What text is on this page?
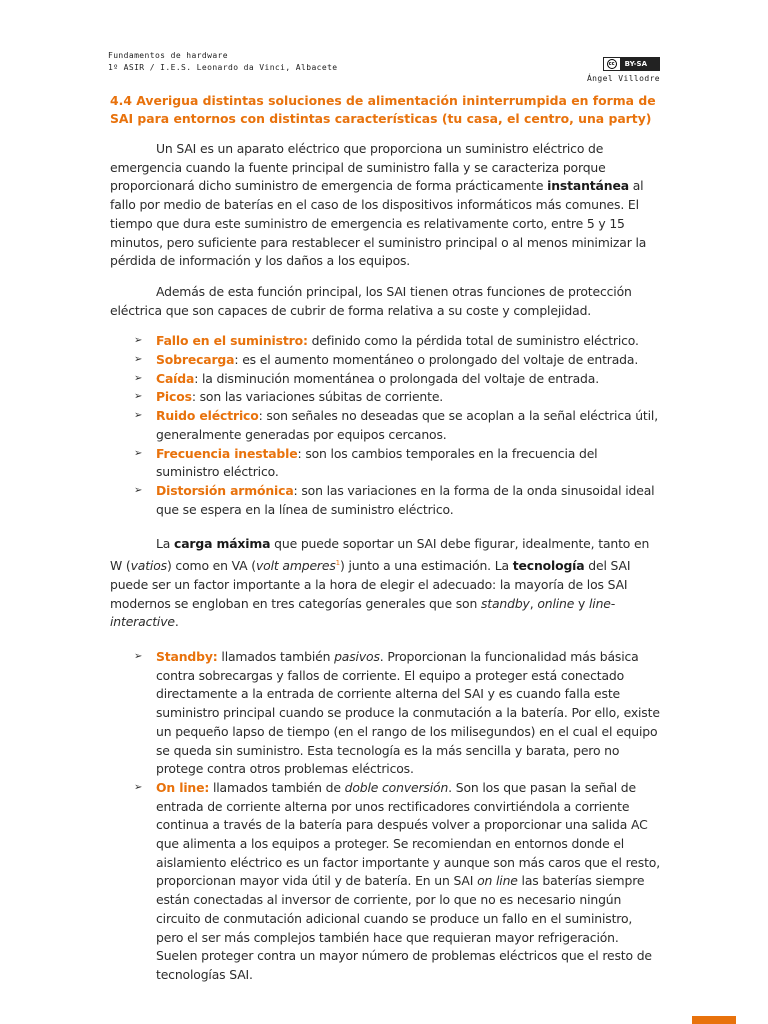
Fundamentos de hardware
1º ASIR / I.E.S. Leonardo da Vinci, Albacete	cc	BY-SA
Ángel Villodre
4.4 Averigua distintas soluciones de alimentación ininterrumpida en forma de SAI para entornos con distintas características (tu casa, el centro, una party)

Un SAI es un aparato eléctrico que proporciona un suministro eléctrico de emergencia cuando la fuente principal de suministro falla y se caracteriza porque proporcionará dicho suministro de emergencia de forma prácticamente instantánea al fallo por medio de baterías en el caso de los dispositivos informáticos más comunes. El tiempo que dura este suministro de emergencia es relativamente corto, entre 5 y 15 minutos, pero suficiente para restablecer el suministro principal o al menos minimizar la pérdida de información y los daños a los equipos.

Además de esta función principal, los SAI tienen otras funciones de protección eléctrica que son capaces de cubrir de forma relativa a su coste y complejidad.

➢ Fallo en el suministro: definido como la pérdida total de suministro eléctrico.
➢ Sobrecarga: es el aumento momentáneo o prolongado del voltaje de entrada.
➢ Caída: la disminución momentánea o prolongada del voltaje de entrada.
➢ Picos: son las variaciones súbitas de corriente.
➢ Ruido eléctrico: son señales no deseadas que se acoplan a la señal eléctrica útil, generalmente generadas por equipos cercanos.
➢ Frecuencia inestable: son los cambios temporales en la frecuencia del suministro eléctrico.
➢ Distorsión armónica: son las variaciones en la forma de la onda sinusoidal ideal que se espera en la línea de suministro eléctrico.

La carga máxima que puede soportar un SAI debe figurar, idealmente, tanto en W (vatios) como en VA (volt amperes$^1$) junto a una estimación. La tecnología del SAI puede ser un factor importante a la hora de elegir el adecuado: la mayoría de los SAI modernos se engloban en tres categorías generales que son standby, online y line-interactive.

➢ Standby: llamados también pasivos. Proporcionan la funcionalidad más básica contra sobrecargas y fallos de corriente. El equipo a proteger está conectado directamente a la entrada de corriente alterna del SAI y es cuando falla este suministro principal cuando se produce la conmutación a la batería. Por ello, existe un pequeño lapso de tiempo (en el rango de los milisegundos) en el cual el equipo se queda sin suministro. Esta tecnología es la más sencilla y barata, pero no protege contra otros problemas eléctricos.
➢ On line: llamados también de doble conversión. Son los que pasan la señal de entrada de corriente alterna por unos rectificadores convirtiéndola a corriente continua a través de la batería para después volver a proporcionar una salida AC que alimenta a los equipos a proteger. Se recomiendan en entornos donde el aislamiento eléctrico es un factor importante y aunque son más caros que el resto, proporcionan mayor vida útil y de batería. En un SAI on line las baterías siempre están conectadas al inversor de corriente, por lo que no es necesario ningún circuito de conmutación adicional cuando se produce un fallo en el suministro, pero el ser más complejos también hace que requieran mayor refrigeración. Suelen proteger contra un mayor número de problemas eléctricos que el resto de tecnologías SAI.
